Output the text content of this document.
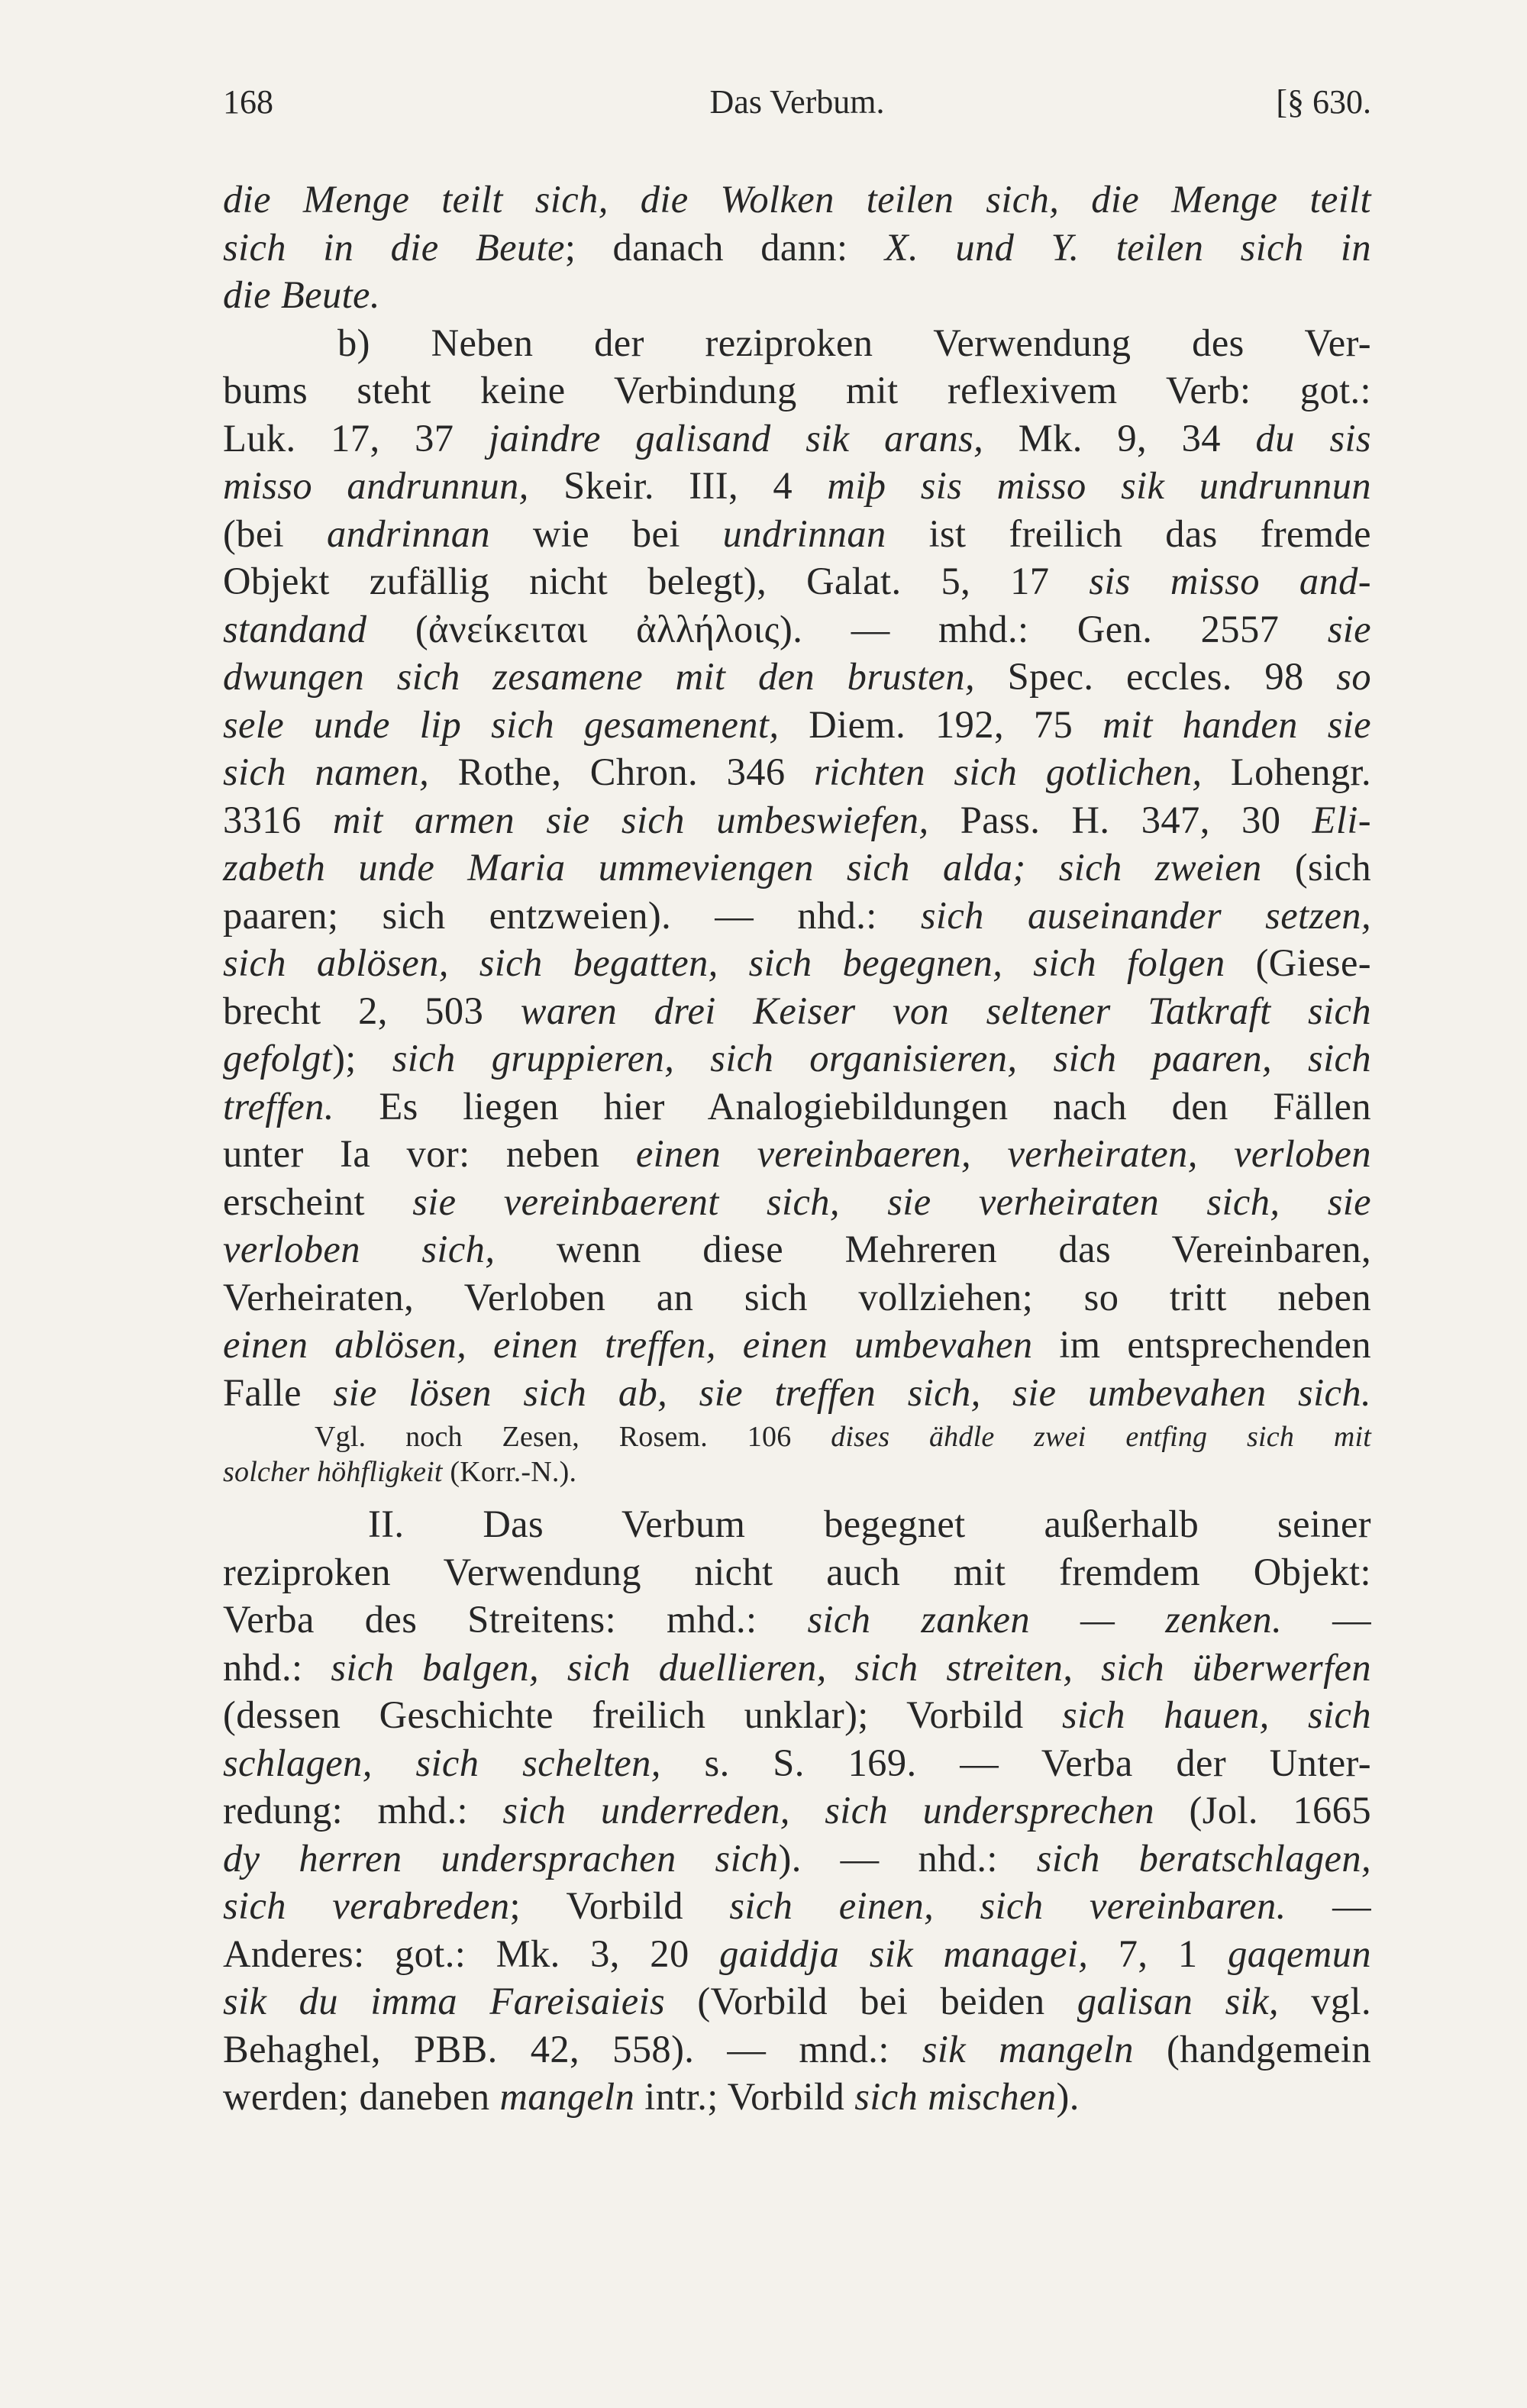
168	Das Verbum.	[§ 630.
die Menge teilt sich, die Wolken teilen sich, die Menge teilt
sich in die Beute; danach dann: X. und Y. teilen sich in
die Beute.
b) Neben der reziproken Verwendung des Ver-
bums steht keine Verbindung mit reflexivem Verb: got.:
Luk. 17, 37 jaindre galisand sik arans, Mk. 9, 34 du sis
misso andrunnun, Skeir. III, 4 miþ sis misso sik undrunnun
(bei andrinnan wie bei undrinnan ist freilich das fremde
Objekt zufällig nicht belegt), Galat. 5, 17 sis misso and-
standand (ἀνείκειται ἀλλήλοις). — mhd.: Gen. 2557 sie
dwungen sich zesamene mit den brusten, Spec. eccles. 98 so
sele unde lip sich gesamenent, Diem. 192, 75 mit handen sie
sich namen, Rothe, Chron. 346 richten sich gotlichen, Lohengr.
3316 mit armen sie sich umbeswiefen, Pass. H. 347, 30 Eli-
zabeth unde Maria ummeviengen sich alda; sich zweien (sich
paaren; sich entzweien). — nhd.: sich auseinander setzen,
sich ablösen, sich begatten, sich begegnen, sich folgen (Giese-
brecht 2, 503 waren drei Keiser von seltener Tatkraft sich
gefolgt); sich gruppieren, sich organisieren, sich paaren, sich
treffen. Es liegen hier Analogiebildungen nach den Fällen
unter Ia vor: neben einen vereinbaeren, verheiraten, verloben
erscheint sie vereinbaerent sich, sie verheiraten sich, sie
verloben sich, wenn diese Mehreren das Vereinbaren,
Verheiraten, Verloben an sich vollziehen; so tritt neben
einen ablösen, einen treffen, einen umbevahen im entsprechenden
Falle sie lösen sich ab, sie treffen sich, sie umbevahen sich.
Vgl. noch Zesen, Rosem. 106 dises ähdle zwei entfing sich mit
solcher höhfligkeit (Korr.-N.).
II. Das Verbum begegnet außerhalb seiner
reziproken Verwendung nicht auch mit fremdem Objekt:
Verba des Streitens: mhd.: sich zanken — zenken. —
nhd.: sich balgen, sich duellieren, sich streiten, sich überwerfen
(dessen Geschichte freilich unklar); Vorbild sich hauen, sich
schlagen, sich schelten, s. S. 169. — Verba der Unter-
redung: mhd.: sich underreden, sich undersprechen (Jol. 1665
dy herren undersprachen sich). — nhd.: sich beratschlagen,
sich verabreden; Vorbild sich einen, sich vereinbaren. —
Anderes: got.: Mk. 3, 20 gaiddja sik managei, 7, 1 gaqemun
sik du imma Fareisaieis (Vorbild bei beiden galisan sik, vgl.
Behaghel, PBB. 42, 558). — mnd.: sik mangeln (handgemein
werden; daneben mangeln intr.; Vorbild sich mischen).
